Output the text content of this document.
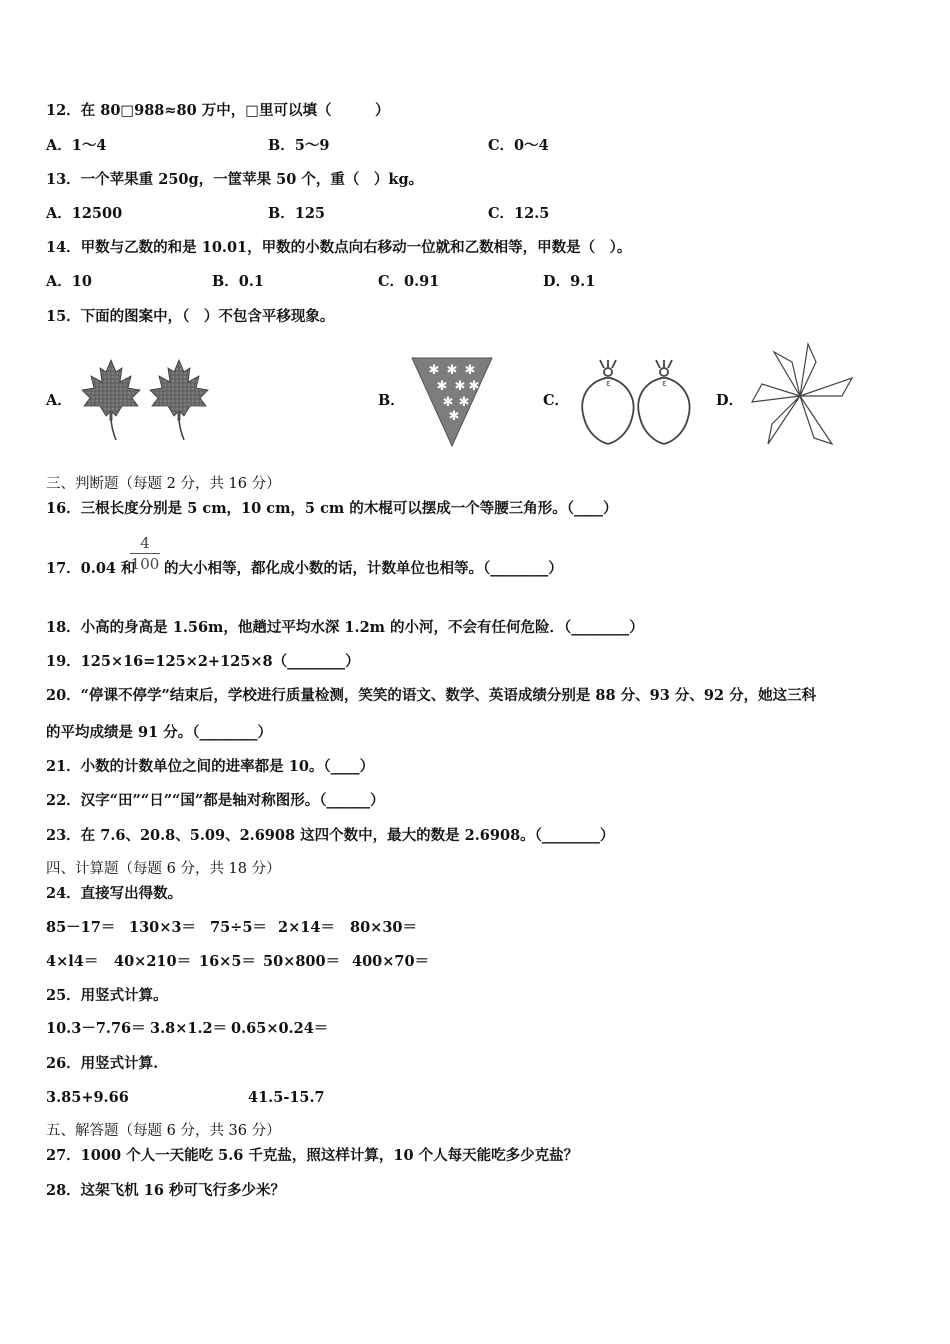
12．在 80□988≈80 万中，□里可以填（　　　）
A．1～4	B．5～9	C．0～4
13．一个苹果重 250g，一筐苹果 50 个，重（　）kg。
A．12500	B．125	C．12.5
14．甲数与乙数的和是 10.01，甲数的小数点向右移动一位就和乙数相等，甲数是（　）。
A．10	B．0.1	C．0.91	D．9.1
15．下面的图案中，（　）不包含平移现象。
A．	B．	C．	D．
✱ ✱ ✱
✱ ✱ ✱
✱ ✱
✱
ε	ε
三、判断题（每题 2 分，共 16 分）
16．三根长度分别是 5 cm，10 cm，5 cm 的木棍可以摆成一个等腰三角形。（____）
17．0.04 和
4
100 的大小相等，都化成小数的话，计数单位也相等。（________）
18．小高的身高是 1.56m，他趟过平均水深 1.2m 的小河，不会有任何危险．（________）
19．125×16=125×2+125×8（________）
20．“停课不停学”结束后，学校进行质量检测，笑笑的语文、数学、英语成绩分别是 88 分、93 分、92 分，她这三科
的平均成绩是 91 分。（________）
21．小数的计数单位之间的进率都是 10。（____）
22．汉字“田”“日”“国”都是轴对称图形。（______）
23．在 7.6、20.8、5.09、2.6908 这四个数中，最大的数是 2.6908。（________）
四、计算题（每题 6 分，共 18 分）
24．直接写出得数。
85－17＝ 130×3＝ 75÷5＝ 2×14＝ 80×30＝
4×l4＝ 40×210＝ 16×5＝ 50×800＝ 400×70＝
25．用竖式计算。
10.3－7.76＝ 3.8×1.2＝ 0.65×0.24＝
26．用竖式计算.
3.85+9.66	41.5-15.7
五、解答题（每题 6 分，共 36 分）
27．1000 个人一天能吃 5.6 千克盐，照这样计算，10 个人每天能吃多少克盐？
28．这架飞机 16 秒可飞行多少米？
